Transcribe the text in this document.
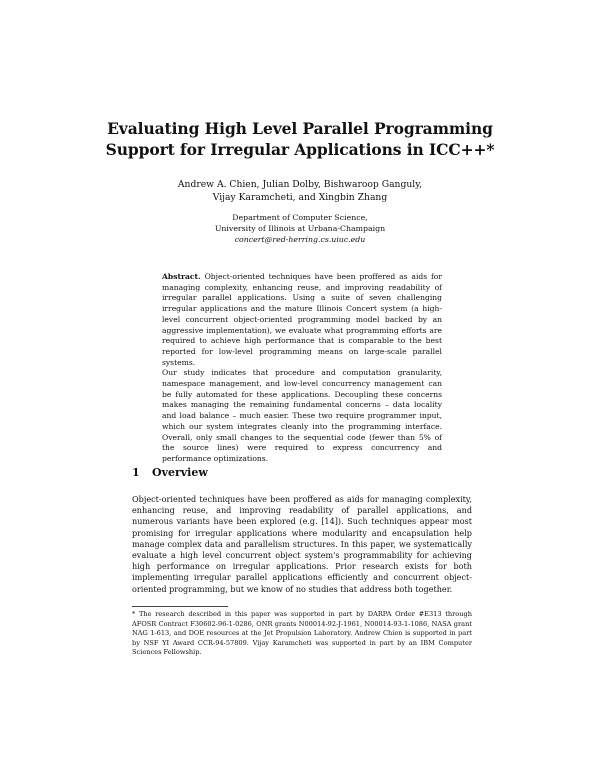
Evaluating High Level Parallel Programming
Support for Irregular Applications in ICC++*
Andrew A. Chien, Julian Dolby, Bishwaroop Ganguly,
Vijay Karamcheti, and Xingbin Zhang
Department of Computer Science,
University of Illinois at Urbana-Champaign
concert@red-herring.cs.uiuc.edu

Abstract. Object-oriented techniques have been proffered as aids for managing complexity, enhancing reuse, and improving readability of irregular parallel applications. Using a suite of seven challenging irregular applications and the mature Illinois Concert system (a high-level concurrent object-oriented programming model backed by an aggressive implementation), we evaluate what programming efforts are required to achieve high performance that is comparable to the best reported for low-level programming means on large-scale parallel systems.

Our study indicates that procedure and computation granularity, namespace management, and low-level concurrency management can be fully automated for these applications. Decoupling these concerns makes managing the remaining fundamental concerns – data locality and load balance – much easier. These two require programmer input, which our system integrates cleanly into the programming interface. Overall, only small changes to the sequential code (fewer than 5% of the source lines) were required to express concurrency and performance optimizations.

1 Overview

Object-oriented techniques have been proffered as aids for managing complexity, enhancing reuse, and improving readability of parallel applications, and numerous variants have been explored (e.g. [14]). Such techniques appear most promising for irregular applications where modularity and encapsulation help manage complex data and parallelism structures. In this paper, we systematically evaluate a high level concurrent object system's programmability for achieving high performance on irregular applications. Prior research exists for both implementing irregular parallel applications efficiently and concurrent object-oriented programming, but we know of no studies that address both together.

* The research described in this paper was supported in part by DARPA Order #E313 through AFOSR Contract F30602-96-1-0286, ONR grants N00014-92-J-1961, N00014-93-1-1086, NASA grant NAG 1-613, and DOE resources at the Jet Propulsion Laboratory. Andrew Chien is supported in part by NSF YI Award CCR-94-57809. Vijay Karamcheti was supported in part by an IBM Computer Sciences Fellowship.
